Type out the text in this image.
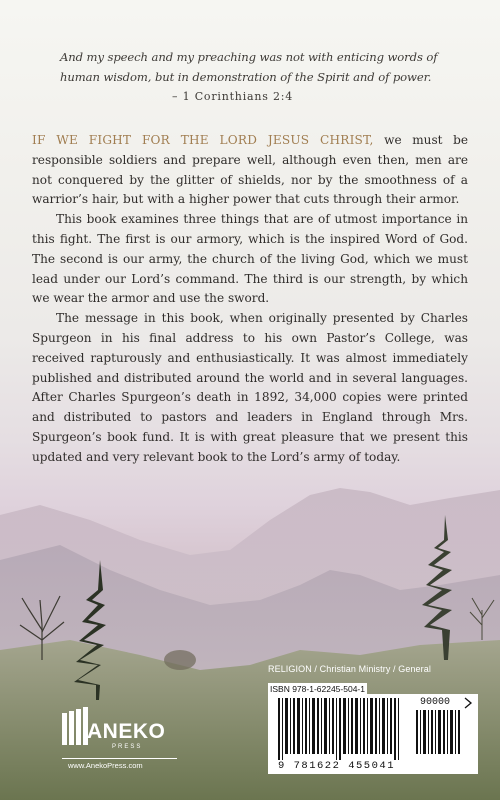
And my speech and my preaching was not with enticing words of human wisdom, but in demonstration of the Spirit and of power.
– 1 Corinthians 2:4

IF WE FIGHT FOR THE LORD JESUS CHRIST, we must be responsible soldiers and prepare well, although even then, men are not conquered by the glitter of shields, nor by the smoothness of a warrior’s hair, but with a higher power that cuts through their armor.

This book examines three things that are of utmost importance in this fight. The first is our armory, which is the inspired Word of God. The second is our army, the church of the living God, which we must lead under our Lord’s command. The third is our strength, by which we wear the armor and use the sword.

The message in this book, when originally presented by Charles Spurgeon in his final address to his own Pastor’s College, was received rapturously and enthusiastically. It was almost immediately published and distributed around the world and in several languages. After Charles Spurgeon’s death in 1892, 34,000 copies were printed and distributed to pastors and leaders in England through Mrs. Spurgeon’s book fund. It is with great pleasure that we present this updated and very relevant book to the Lord’s army of today.

RELIGION / Christian Ministry / General
ISBN 978-1-62245-504-1
90000
9 781622 455041
ANEKO
PRESS
www.AnekoPress.com
